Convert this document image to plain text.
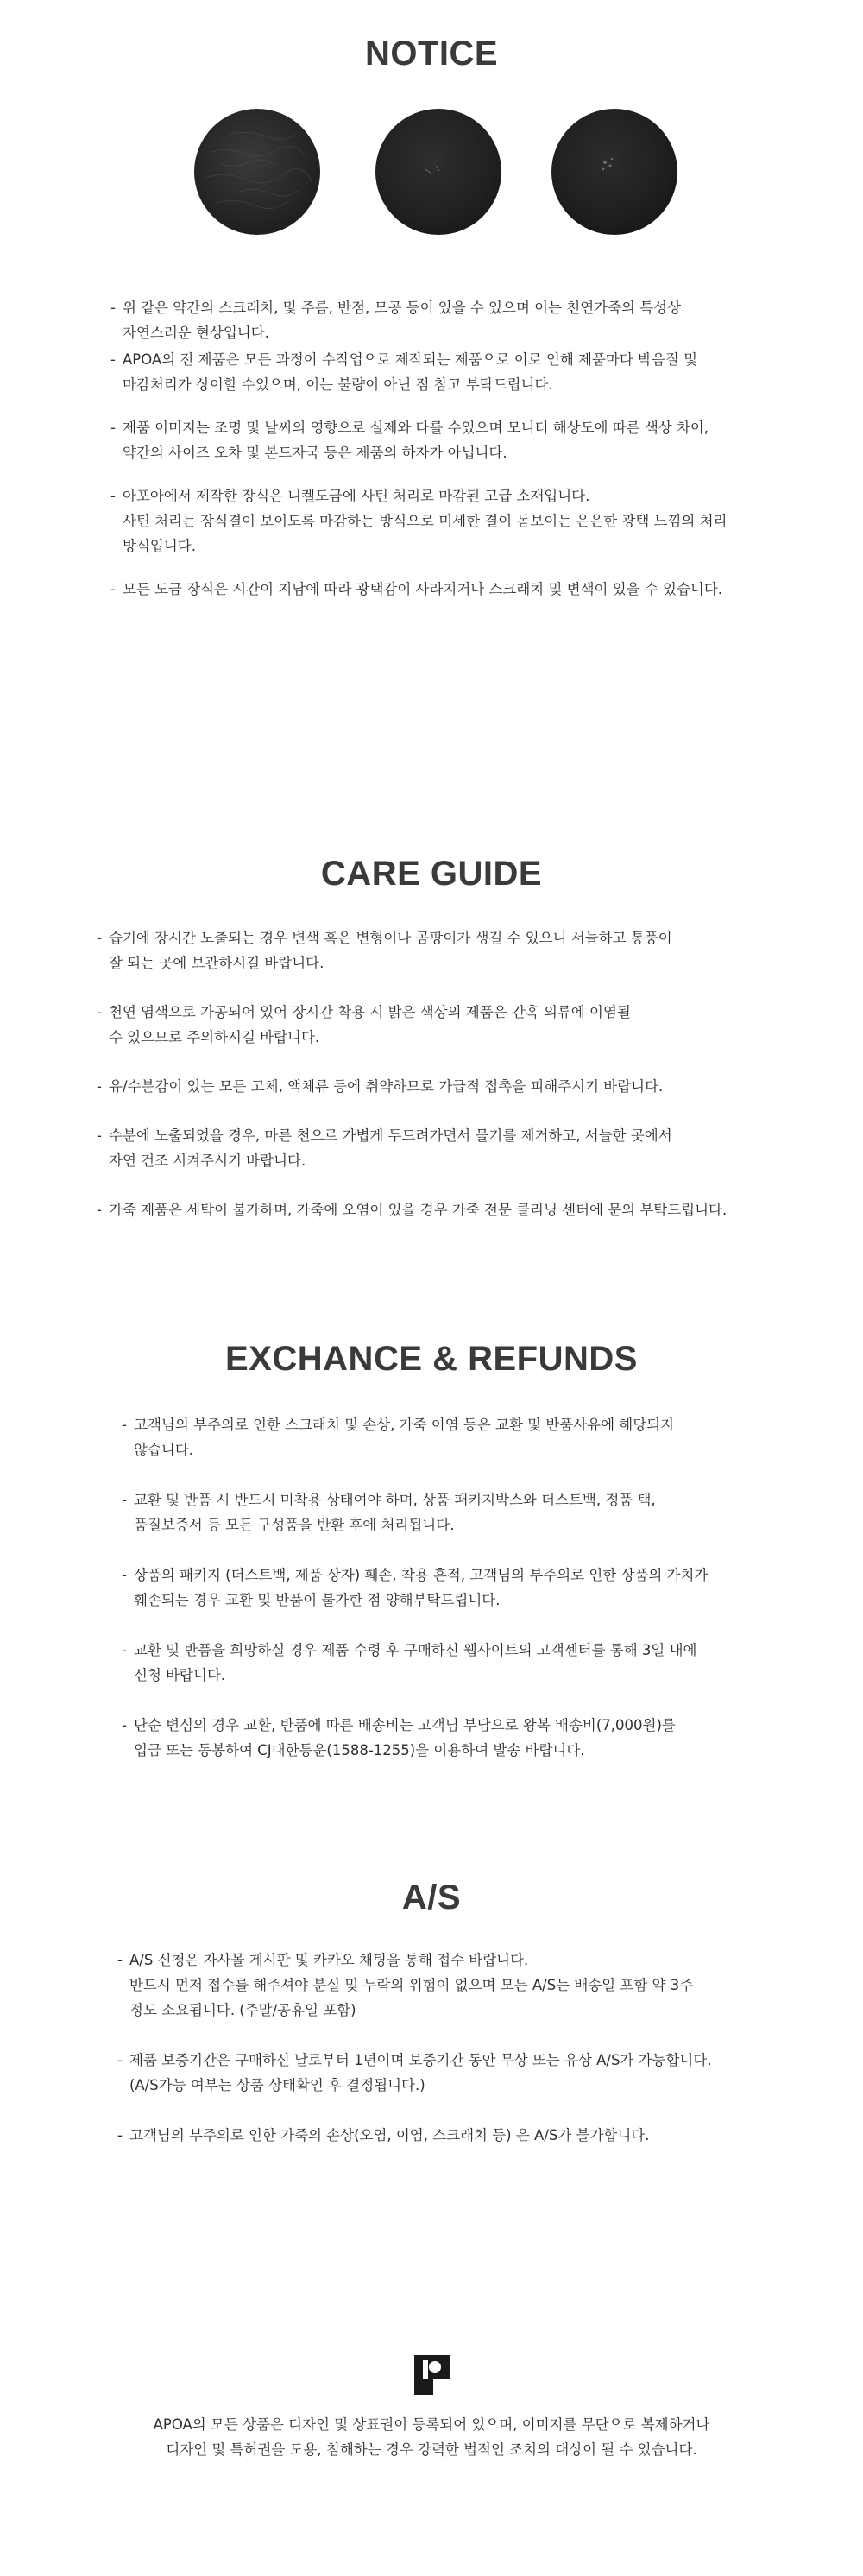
NOTICE
- 위 같은 약간의 스크래치, 및 주름, 반점, 모공 등이 있을 수 있으며 이는 천연가죽의 특성상
자연스러운 현상입니다.
- APOA의 전 제품은 모든 과정이 수작업으로 제작되는 제품으로 이로 인해 제품마다 박음질 및
마감처리가 상이할 수있으며, 이는 불량이 아닌 점 참고 부탁드립니다.
- 제품 이미지는 조명 및 날씨의 영향으로 실제와 다를 수있으며 모니터 해상도에 따른 색상 차이,
약간의 사이즈 오차 및 본드자국 등은 제품의 하자가 아닙니다.
- 아포아에서 제작한 장식은 니켈도금에 사틴 처리로 마감된 고급 소재입니다.
사틴 처리는 장식결이 보이도록 마감하는 방식으로 미세한 결이 돋보이는 은은한 광택 느낌의 처리
방식입니다.
- 모든 도금 장식은 시간이 지남에 따라 광택감이 사라지거나 스크래치 및 변색이 있을 수 있습니다.
CARE GUIDE
- 습기에 장시간 노출되는 경우 변색 혹은 변형이나 곰팡이가 생길 수 있으니 서늘하고 통풍이
잘 되는 곳에 보관하시길 바랍니다.
- 천연 염색으로 가공되어 있어 장시간 착용 시 밝은 색상의 제품은 간혹 의류에 이염될
수 있으므로 주의하시길 바랍니다.
- 유/수분감이 있는 모든 고체, 액체류 등에 취약하므로 가급적 접촉을 피해주시기 바랍니다.
- 수분에 노출되었을 경우, 마른 천으로 가볍게 두드려가면서 물기를 제거하고, 서늘한 곳에서
자연 건조 시켜주시기 바랍니다.
- 가죽 제품은 세탁이 불가하며, 가죽에 오염이 있을 경우 가죽 전문 클리닝 센터에 문의 부탁드립니다.
EXCHANCE & REFUNDS
- 고객님의 부주의로 인한 스크래치 및 손상, 가죽 이염 등은 교환 및 반품사유에 해당되지
않습니다.
- 교환 및 반품 시 반드시 미착용 상태여야 하며, 상품 패키지박스와 더스트백, 정품 택,
품질보증서 등 모든 구성품을 반환 후에 처리됩니다.
- 상품의 패키지 (더스트백, 제품 상자) 훼손, 착용 흔적, 고객님의 부주의로 인한 상품의 가치가
훼손되는 경우 교환 및 반품이 불가한 점 양해부탁드립니다.
- 교환 및 반품을 희망하실 경우 제품 수령 후 구매하신 웹사이트의 고객센터를 통해 3일 내에
신청 바랍니다.
- 단순 변심의 경우 교환, 반품에 따른 배송비는 고객님 부담으로 왕복 배송비(7,000원)를
입금 또는 동봉하여 CJ대한통운(1588-1255)을 이용하여 발송 바랍니다.
A/S
- A/S 신청은 자사몰 게시판 및 카카오 채팅을 통해 접수 바랍니다.
반드시 먼저 접수를 해주셔야 분실 및 누락의 위험이 없으며 모든 A/S는 배송일 포함 약 3주
정도 소요됩니다. (주말/공휴일 포함)
- 제품 보증기간은 구매하신 날로부터 1년이며 보증기간 동안 무상 또는 유상 A/S가 가능합니다.
(A/S가능 여부는 상품 상태확인 후 결정됩니다.)
- 고객님의 부주의로 인한 가죽의 손상(오염, 이염, 스크래치 등) 은 A/S가 불가합니다.
APOA의 모든 상품은 디자인 및 상표권이 등록되어 있으며, 이미지를 무단으로 복제하거나
디자인 및 특허권을 도용, 침해하는 경우 강력한 법적인 조치의 대상이 될 수 있습니다.
